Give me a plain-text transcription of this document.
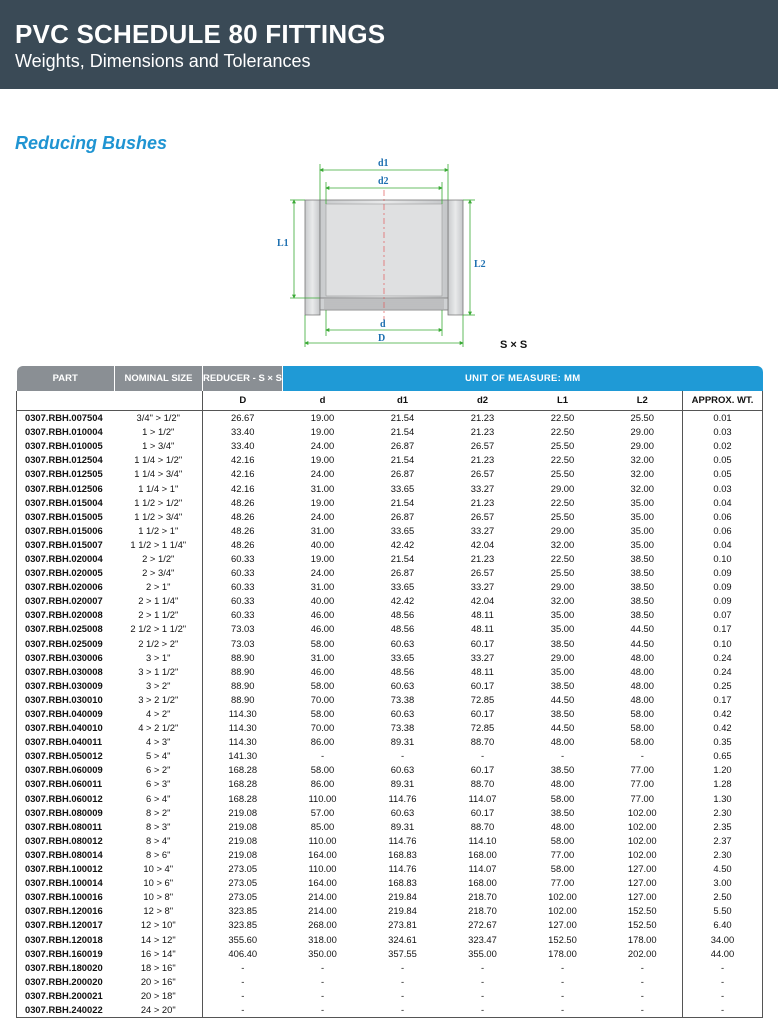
PVC SCHEDULE 80 FITTINGS
Weights, Dimensions and Tolerances
Reducing Bushes
d1
d2
L1
L2
d
D
S × S
PART	NOMINAL SIZE	REDUCER - S × S	UNIT OF MEASURE: MM					
		D	d	d1	d2	L1	L2	APPROX. WT.
0307.RBH.007504	3/4" > 1/2"	26.67	19.00	21.54	21.23	22.50	25.50	0.01
0307.RBH.010004	1 > 1/2"	33.40	19.00	21.54	21.23	22.50	29.00	0.03
0307.RBH.010005	1 > 3/4"	33.40	24.00	26.87	26.57	25.50	29.00	0.02
0307.RBH.012504	1 1/4 > 1/2"	42.16	19.00	21.54	21.23	22.50	32.00	0.05
0307.RBH.012505	1 1/4 > 3/4"	42.16	24.00	26.87	26.57	25.50	32.00	0.05
0307.RBH.012506	1 1/4 > 1"	42.16	31.00	33.65	33.27	29.00	32.00	0.03
0307.RBH.015004	1 1/2 > 1/2"	48.26	19.00	21.54	21.23	22.50	35.00	0.04
0307.RBH.015005	1 1/2 > 3/4"	48.26	24.00	26.87	26.57	25.50	35.00	0.06
0307.RBH.015006	1 1/2 > 1"	48.26	31.00	33.65	33.27	29.00	35.00	0.06
0307.RBH.015007	1 1/2 > 1 1/4"	48.26	40.00	42.42	42.04	32.00	35.00	0.04
0307.RBH.020004	2 > 1/2"	60.33	19.00	21.54	21.23	22.50	38.50	0.10
0307.RBH.020005	2 > 3/4"	60.33	24.00	26.87	26.57	25.50	38.50	0.09
0307.RBH.020006	2 > 1"	60.33	31.00	33.65	33.27	29.00	38.50	0.09
0307.RBH.020007	2 > 1 1/4"	60.33	40.00	42.42	42.04	32.00	38.50	0.09
0307.RBH.020008	2 > 1 1/2"	60.33	46.00	48.56	48.11	35.00	38.50	0.07
0307.RBH.025008	2 1/2 > 1 1/2"	73.03	46.00	48.56	48.11	35.00	44.50	0.17
0307.RBH.025009	2 1/2 > 2"	73.03	58.00	60.63	60.17	38.50	44.50	0.10
0307.RBH.030006	3 > 1"	88.90	31.00	33.65	33.27	29.00	48.00	0.24
0307.RBH.030008	3 > 1 1/2"	88.90	46.00	48.56	48.11	35.00	48.00	0.24
0307.RBH.030009	3 > 2"	88.90	58.00	60.63	60.17	38.50	48.00	0.25
0307.RBH.030010	3 > 2 1/2"	88.90	70.00	73.38	72.85	44.50	48.00	0.17
0307.RBH.040009	4 > 2"	114.30	58.00	60.63	60.17	38.50	58.00	0.42
0307.RBH.040010	4 > 2 1/2"	114.30	70.00	73.38	72.85	44.50	58.00	0.42
0307.RBH.040011	4 > 3"	114.30	86.00	89.31	88.70	48.00	58.00	0.35
0307.RBH.050012	5 > 4"	141.30	-	-	-	-	-	0.65
0307.RBH.060009	6 > 2"	168.28	58.00	60.63	60.17	38.50	77.00	1.20
0307.RBH.060011	6 > 3"	168.28	86.00	89.31	88.70	48.00	77.00	1.28
0307.RBH.060012	6 > 4"	168.28	110.00	114.76	114.07	58.00	77.00	1.30
0307.RBH.080009	8 > 2"	219.08	57.00	60.63	60.17	38.50	102.00	2.30
0307.RBH.080011	8 > 3"	219.08	85.00	89.31	88.70	48.00	102.00	2.35
0307.RBH.080012	8 > 4"	219.08	110.00	114.76	114.10	58.00	102.00	2.37
0307.RBH.080014	8 > 6"	219.08	164.00	168.83	168.00	77.00	102.00	2.30
0307.RBH.100012	10 > 4"	273.05	110.00	114.76	114.07	58.00	127.00	4.50
0307.RBH.100014	10 > 6"	273.05	164.00	168.83	168.00	77.00	127.00	3.00
0307.RBH.100016	10 > 8"	273.05	214.00	219.84	218.70	102.00	127.00	2.50
0307.RBH.120016	12 > 8"	323.85	214.00	219.84	218.70	102.00	152.50	5.50
0307.RBH.120017	12 > 10"	323.85	268.00	273.81	272.67	127.00	152.50	6.40
0307.RBH.120018	14 > 12"	355.60	318.00	324.61	323.47	152.50	178.00	34.00
0307.RBH.160019	16 > 14"	406.40	350.00	357.55	355.00	178.00	202.00	44.00
0307.RBH.180020	18 > 16"	-	-	-	-	-	-	-
0307.RBH.200020	20 > 16"	-	-	-	-	-	-	-
0307.RBH.200021	20 > 18"	-	-	-	-	-	-	-
0307.RBH.240022	24 > 20"	-	-	-	-	-	-	-
